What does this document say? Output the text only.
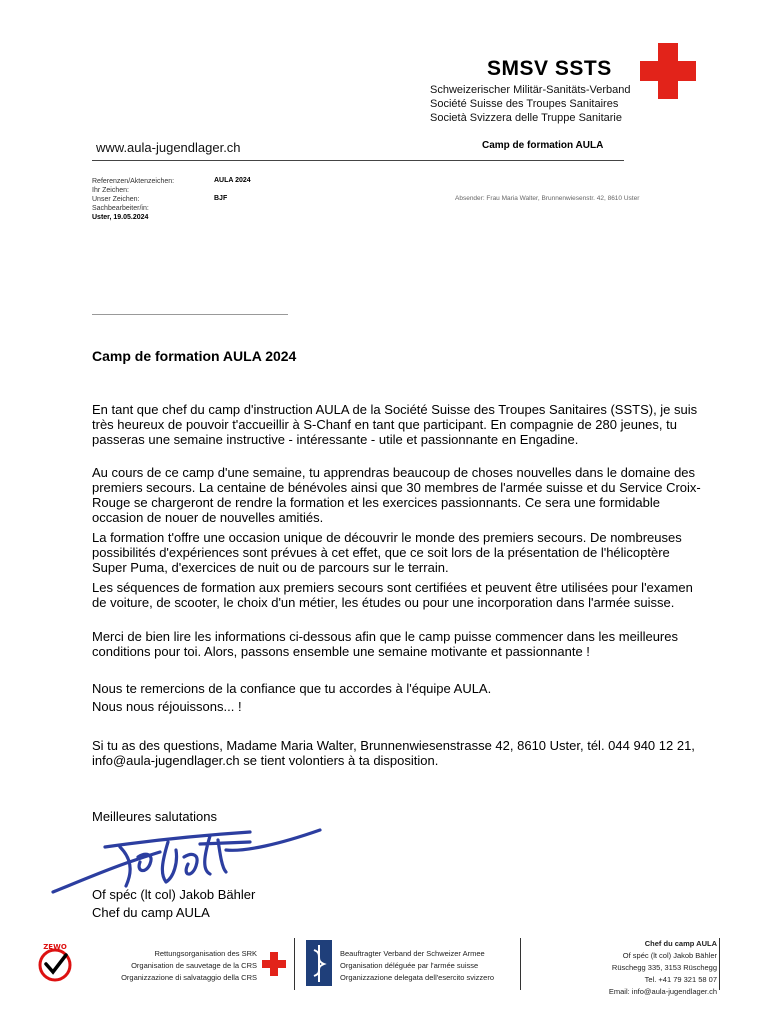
SMSV SSTS
Schweizerischer Militär-Sanitäts-Verband
Société Suisse des Troupes Sanitaires
Società Svizzera delle Truppe Sanitarie
www.aula-jugendlager.ch	Camp de formation AULA
Referenzen/Aktenzeichen:
Ihr Zeichen:
Unser Zeichen:
Sachbearbeiter/in:
Uster, 19.05.2024
AULA 2024
BJF	Absender: Frau Maria Walter, Brunnenwiesenstr. 42, 8610 Uster
Camp de formation AULA 2024

En tant que chef du camp d'instruction AULA de la Société Suisse des Troupes Sanitaires (SSTS), je suis très heureux de pouvoir t'accueillir à S-Chanf en tant que participant. En compagnie de 280 jeunes, tu passeras une semaine instructive - intéressante - utile et passionnante en Engadine.

Au cours de ce camp d'une semaine, tu apprendras beaucoup de choses nouvelles dans le domaine des premiers secours. La centaine de bénévoles ainsi que 30 membres de l'armée suisse et du Service Croix-Rouge se chargeront de rendre la formation et les exercices passionnants. Ce sera une formidable occasion de nouer de nouvelles amitiés.

La formation t'offre une occasion unique de découvrir le monde des premiers secours. De nombreuses possibilités d'expériences sont prévues à cet effet, que ce soit lors de la présentation de l'hélicoptère Super Puma, d'exercices de nuit ou de parcours sur le terrain.

Les séquences de formation aux premiers secours sont certifiées et peuvent être utilisées pour l'examen de voiture, de scooter, le choix d'un métier, les études ou pour une incorporation dans l'armée suisse.

Merci de bien lire les informations ci-dessous afin que le camp puisse commencer dans les meilleures conditions pour toi. Alors, passons ensemble une semaine motivante et passionnante !

Nous te remercions de la confiance que tu accordes à l'équipe AULA.

Nous nous réjouissons... !

Si tu as des questions, Madame Maria Walter, Brunnenwiesenstrasse 42, 8610 Uster, tél. 044 940 12 21, info@aula-jugendlager.ch se tient volontiers à ta disposition.

Meilleures salutations
Of spéc (lt col) Jakob Bähler
Chef du camp AULA
ZEWO
Rettungsorganisation des SRK
Organisation de sauvetage de la CRS
Organizzazione di salvataggio della CRS
Beauftragter Verband der Schweizer Armee
Organisation déléguée par l'armée suisse
Organizzazione delegata dell'esercito svizzero
Chef du camp AULA
Of spéc (lt col) Jakob Bähler
Rüschegg 335, 3153 Rüschegg
Tel. +41 79 321 58 07
Email: info@aula-jugendlager.ch
